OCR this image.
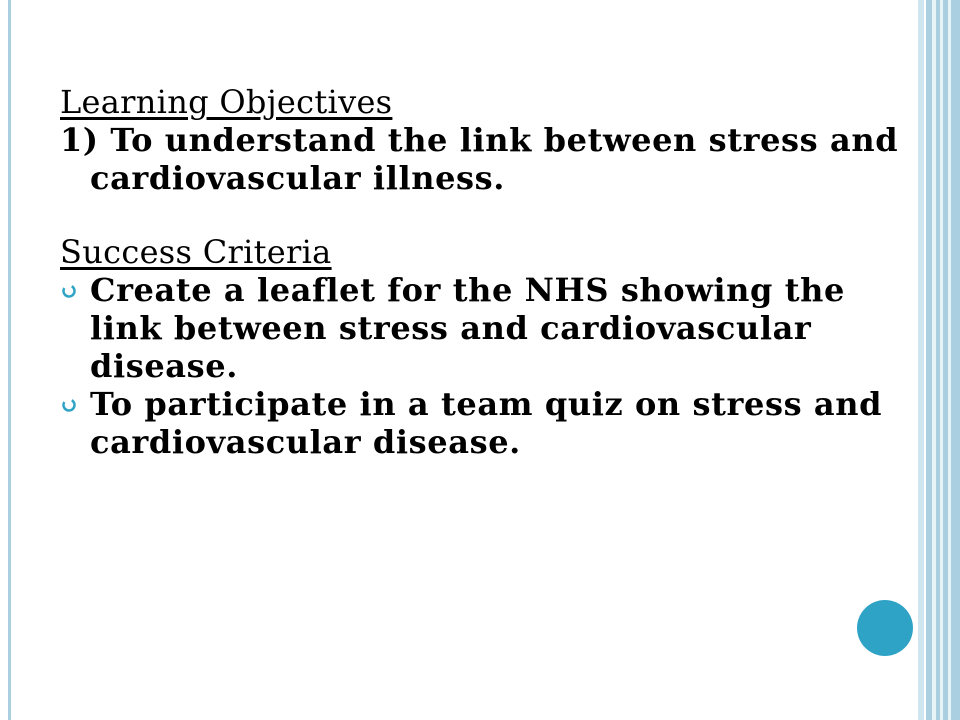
Learning Objectives
1) To understand the link between stress and cardiovascular illness.
Success Criteria
Create a leaflet for the NHS showing the link between stress and cardiovascular disease.
To participate in a team quiz on stress and cardiovascular disease.
